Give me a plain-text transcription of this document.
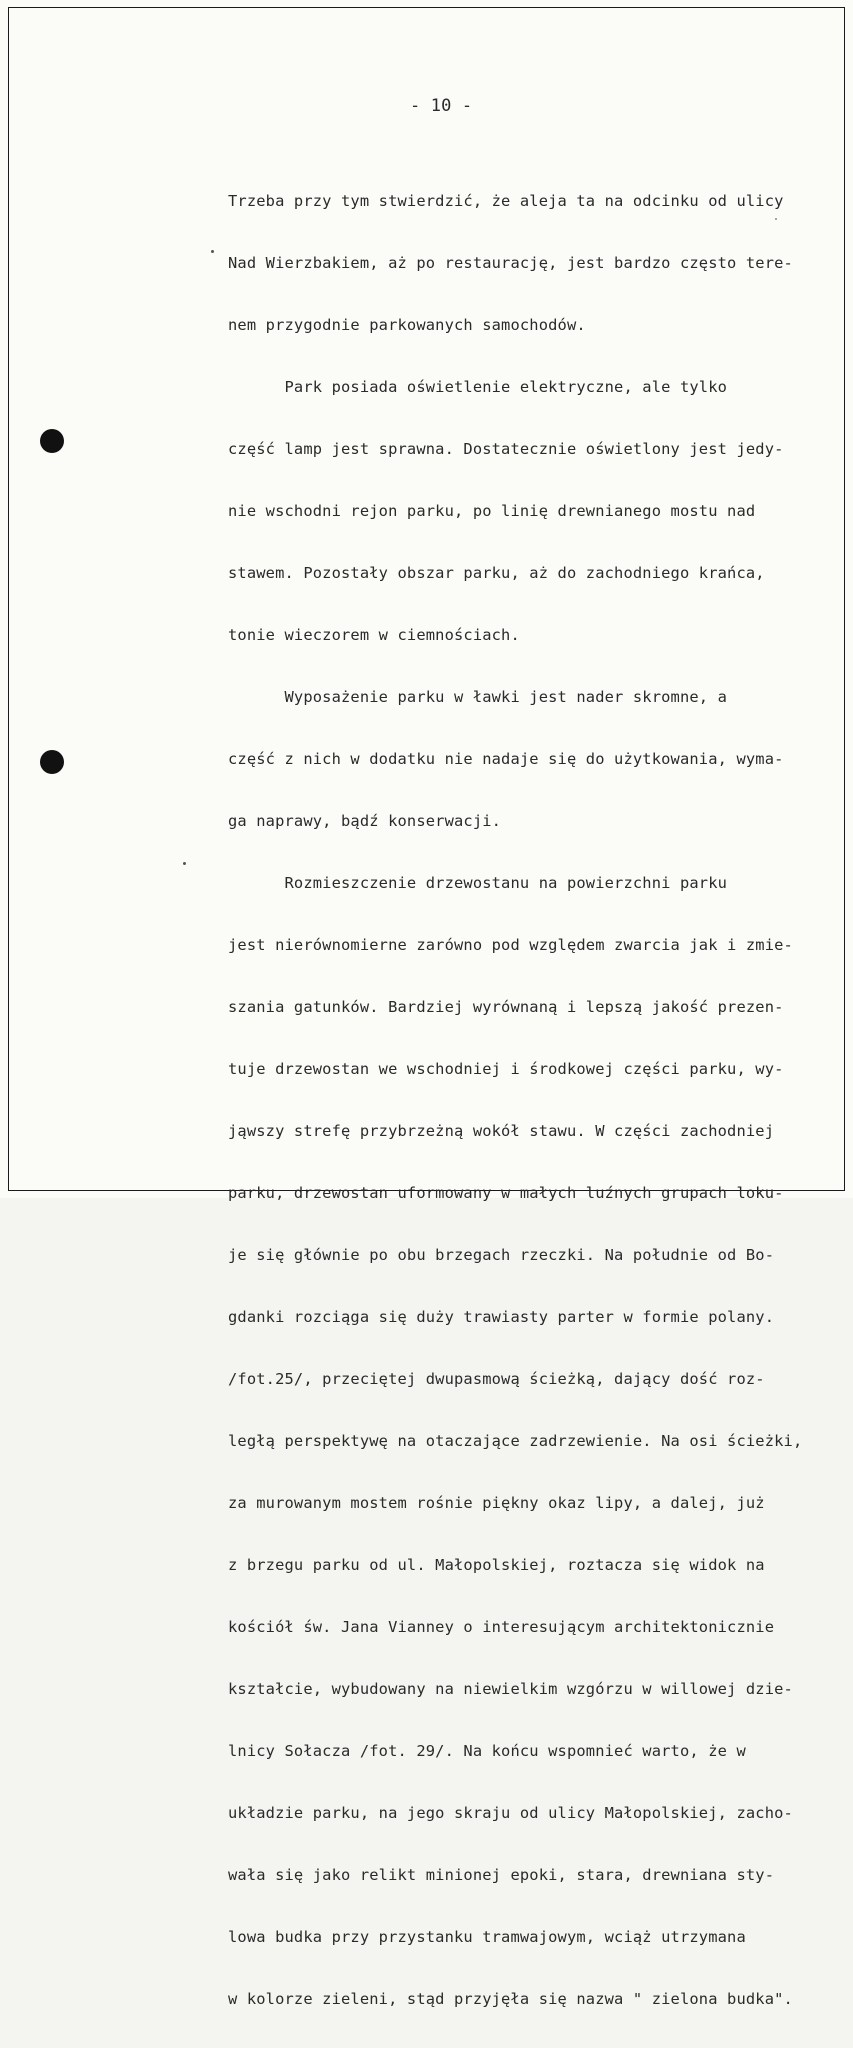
- 10 -

Trzeba przy tym stwierdzić, że aleja ta na odcinku od ulicy

Nad Wierzbakiem, aż po restaurację, jest bardzo często tere-

nem przygodnie parkowanych samochodów.

Park posiada oświetlenie elektryczne, ale tylko

część lamp jest sprawna. Dostatecznie oświetlony jest jedy-

nie wschodni rejon parku, po linię drewnianego mostu nad

stawem. Pozostały obszar parku, aż do zachodniego krańca,

tonie wieczorem w ciemnościach.

Wyposażenie parku w ławki jest nader skromne, a

część z nich w dodatku nie nadaje się do użytkowania, wyma-

ga naprawy, bądź konserwacji.

Rozmieszczenie drzewostanu na powierzchni parku

jest nierównomierne zarówno pod względem zwarcia jak i zmie-

szania gatunków. Bardziej wyrównaną i lepszą jakość prezen-

tuje drzewostan we wschodniej i środkowej części parku, wy-

jąwszy strefę przybrzeżną wokół stawu. W części zachodniej

parku, drzewostan uformowany w małych luźnych grupach loku-

je się głównie po obu brzegach rzeczki. Na południe od Bo-

gdanki rozciąga się duży trawiasty parter w formie polany.

/fot.25/, przeciętej dwupasmową ścieżką, dający dość roz-

ległą perspektywę na otaczające zadrzewienie. Na osi ścieżki,

za murowanym mostem rośnie piękny okaz lipy, a dalej, już

z brzegu parku od ul. Małopolskiej, roztacza się widok na

kościół św. Jana Vianney o interesującym architektonicznie

kształcie, wybudowany na niewielkim wzgórzu w willowej dzie-

lnicy Sołacza /fot. 29/. Na końcu wspomnieć warto, że w

układzie parku, na jego skraju od ulicy Małopolskiej, zacho-

wała się jako relikt minionej epoki, stara, drewniana sty-

lowa budka przy przystanku tramwajowym, wciąż utrzymana

w kolorze zieleni, stąd przyjęła się nazwa " zielona budka".
